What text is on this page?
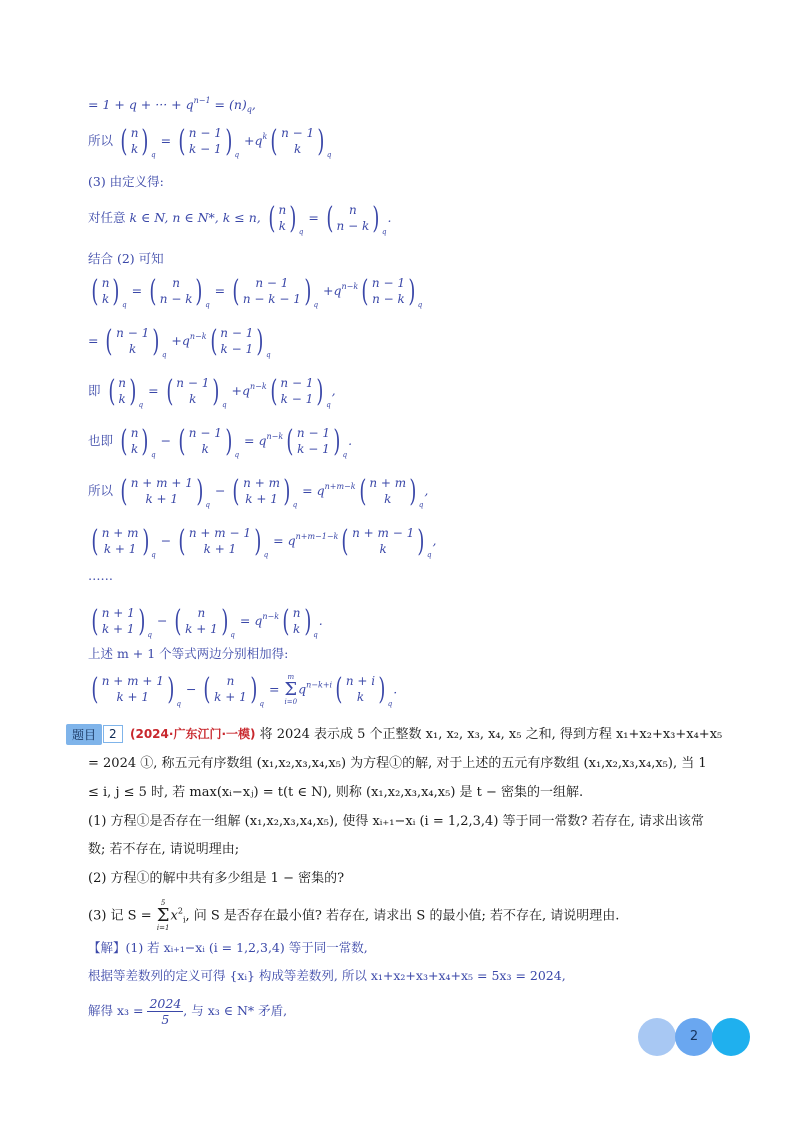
= 1 + q + ··· + $q^{n-1} = (n)_q$,
所以 ( n
k ) q
= ( n − 1
k − 1 ) q
$+q^k$ ( n − 1
k ) q
(3) 由定义得:
对任意 k ∈ N, n ∈ N*, k ≤ n, ( n
k ) q
= ( n
n − k ) q
.
结合 (2) 可知
( n
k ) q
= ( n
n − k ) q
= ( n − 1
n − k − 1 ) q
$+q^{n-k}$ ( n − 1
n − k ) q
= ( n − 1
k ) q
$+q^{n-k}$ ( n − 1
k − 1 ) q
即 ( n
k ) q
= ( n − 1
k ) q
$+q^{n-k}$ ( n − 1
k − 1 ) q
,
也即 ( n
k ) q
− ( n − 1
k ) q
= $q^{n-k}$ ( n − 1
k − 1 ) q
.
所以 ( n + m + 1
k + 1 ) q
− ( n + m
k + 1 ) q
= $q^{n+m-k}$ ( n + m
k ) q
,
( n + m
k + 1 ) q
− ( n + m − 1
k + 1 ) q
= $q^{n+m-1-k}$ ( n + m − 1
k ) q
,
……
( n + 1
k + 1 ) q
− ( n
k + 1 ) q
= $q^{n-k}$ ( n
k ) q
.
上述 m + 1 个等式两边分别相加得:
( n + m + 1
k + 1 ) q
− ( n
k + 1 ) q
=
m
Σ
i=0
$q^{n-k+i}$ ( n + i
k ) q
.
题目	2	(2024·广东江门·一模) 将 2024 表示成 5 个正整数 x₁, x₂, x₃, x₄, x₅ 之和, 得到方程 x₁+x₂+x₃+x₄+x₅
= 2024 ①, 称五元有序数组 (x₁,x₂,x₃,x₄,x₅) 为方程①的解, 对于上述的五元有序数组 (x₁,x₂,x₃,x₄,x₅), 当 1
≤ i, j ≤ 5 时, 若 max(xᵢ−xⱼ) = t(t ∈ N), 则称 (x₁,x₂,x₃,x₄,x₅) 是 t − 密集的一组解.
(1) 方程①是否存在一组解 (x₁,x₂,x₃,x₄,x₅), 使得 xᵢ₊₁−xᵢ (i = 1,2,3,4) 等于同一常数? 若存在, 请求出该常
数; 若不存在, 请说明理由;
(2) 方程①的解中共有多少组是 1 − 密集的?
(3) 记 S =
5
Σ
i=1
$x^2_i$, 问 S 是否存在最小值? 若存在, 请求出 S 的最小值; 若不存在, 请说明理由.
【解】(1) 若 xᵢ₊₁−xᵢ (i = 1,2,3,4) 等于同一常数,
根据等差数列的定义可得 {xᵢ} 构成等差数列, 所以 x₁+x₂+x₃+x₄+x₅ = 5x₃ = 2024,
解得 $x_3 = \frac{2024}{5}$ , 与 x₃ ∈ N* 矛盾,
2
